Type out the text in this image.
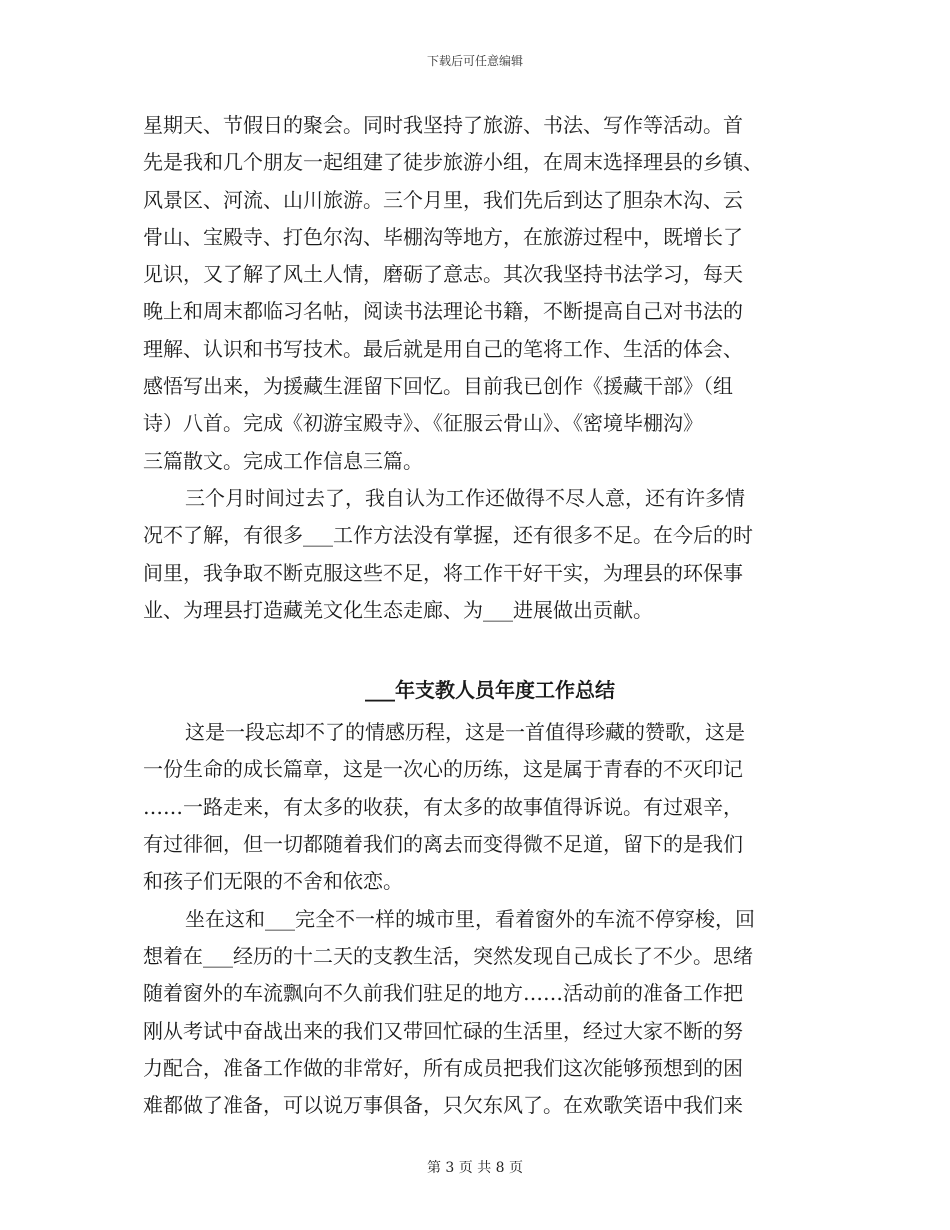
下载后可任意编辑
星期天、节假日的聚会。同时我坚持了旅游、书法、写作等活动。首
先是我和几个朋友一起组建了徒步旅游小组，在周末选择理县的乡镇、
风景区、河流、山川旅游。三个月里，我们先后到达了胆杂木沟、云
骨山、宝殿寺、打色尔沟、毕棚沟等地方，在旅游过程中，既增长了
见识，又了解了风土人情，磨砺了意志。其次我坚持书法学习，每天
晚上和周末都临习名帖，阅读书法理论书籍，不断提高自己对书法的
理解、认识和书写技术。最后就是用自己的笔将工作、生活的体会、
感悟写出来，为援藏生涯留下回忆。目前我已创作《援藏干部》（组
诗）八首。完成《初游宝殿寺》、《征服云骨山》、《密境毕棚沟》
三篇散文。完成工作信息三篇。
三个月时间过去了，我自认为工作还做得不尽人意，还有许多情
况不了解，有很多___工作方法没有掌握，还有很多不足。在今后的时
间里，我争取不断克服这些不足，将工作干好干实，为理县的环保事
业、为理县打造藏羌文化生态走廊、为___进展做出贡献。
___年支教人员年度工作总结
这是一段忘却不了的情感历程，这是一首值得珍藏的赞歌，这是
一份生命的成长篇章，这是一次心的历练，这是属于青春的不灭印记
……一路走来，有太多的收获，有太多的故事值得诉说。有过艰辛，
有过徘徊，但一切都随着我们的离去而变得微不足道，留下的是我们
和孩子们无限的不舍和依恋。
坐在这和___完全不一样的城市里，看着窗外的车流不停穿梭，回
想着在___经历的十二天的支教生活，突然发现自己成长了不少。思绪
随着窗外的车流飘向不久前我们驻足的地方……活动前的准备工作把
刚从考试中奋战出来的我们又带回忙碌的生活里，经过大家不断的努
力配合，准备工作做的非常好，所有成员把我们这次能够预想到的困
难都做了准备，可以说万事俱备，只欠东风了。在欢歌笑语中我们来
第 3 页 共 8 页
